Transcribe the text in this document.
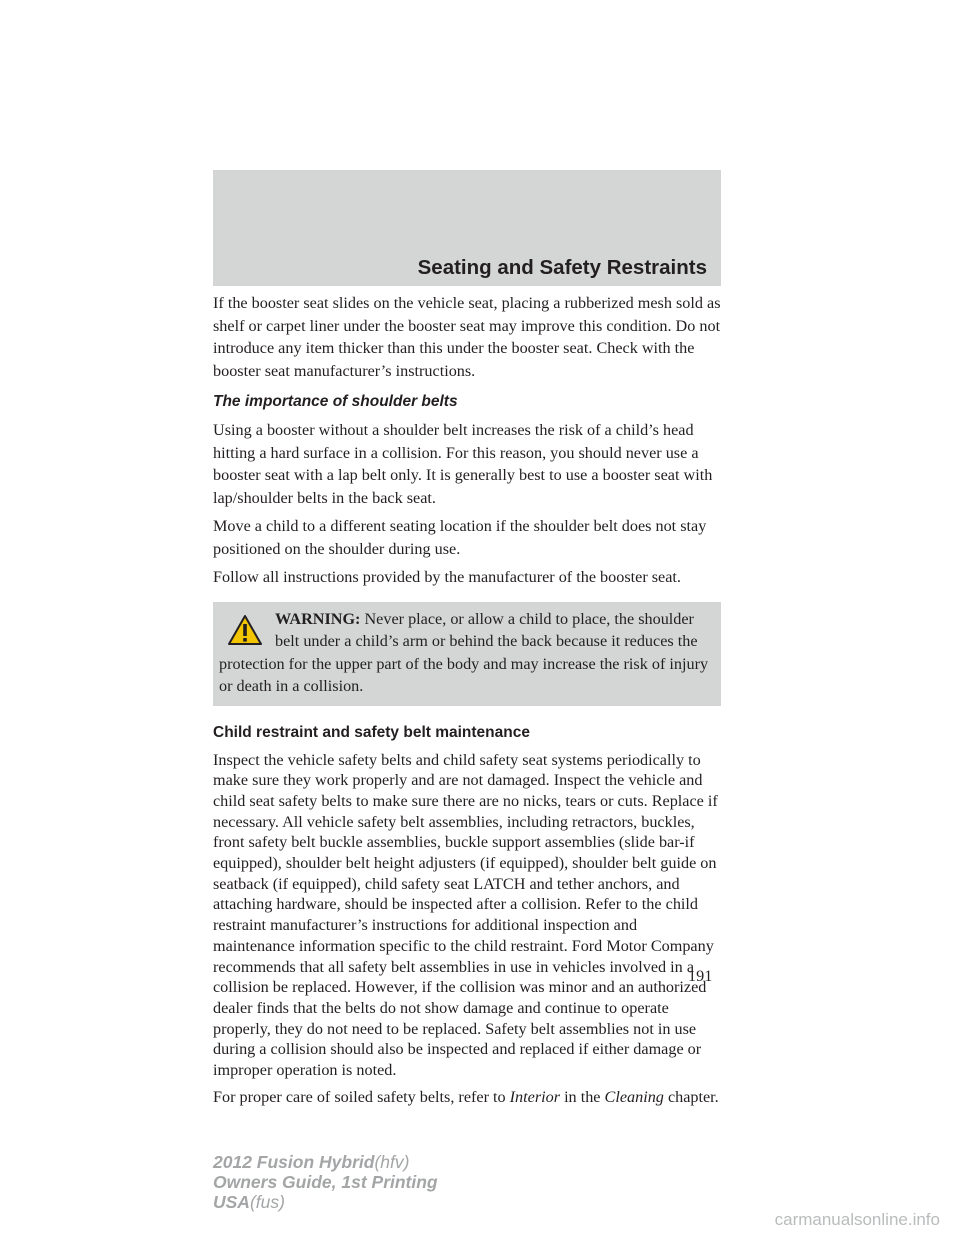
Seating and Safety Restraints

If the booster seat slides on the vehicle seat, placing a rubberized mesh sold as shelf or carpet liner under the booster seat may improve this condition. Do not introduce any item thicker than this under the booster seat. Check with the booster seat manufacturer’s instructions.

The importance of shoulder belts

Using a booster without a shoulder belt increases the risk of a child’s head hitting a hard surface in a collision. For this reason, you should never use a booster seat with a lap belt only. It is generally best to use a booster seat with lap/shoulder belts in the back seat.

Move a child to a different seating location if the shoulder belt does not stay positioned on the shoulder during use.

Follow all instructions provided by the manufacturer of the booster seat.

WARNING: Never place, or allow a child to place, the shoulder belt under a child’s arm or behind the back because it reduces the protection for the upper part of the body and may increase the risk of injury or death in a collision.
Child restraint and safety belt maintenance

Inspect the vehicle safety belts and child safety seat systems periodically to make sure they work properly and are not damaged. Inspect the vehicle and child seat safety belts to make sure there are no nicks, tears or cuts. Replace if necessary. All vehicle safety belt assemblies, including retractors, buckles, front safety belt buckle assemblies, buckle support assemblies (slide bar-if equipped), shoulder belt height adjusters (if equipped), shoulder belt guide on seatback (if equipped), child safety seat LATCH and tether anchors, and attaching hardware, should be inspected after a collision. Refer to the child restraint manufacturer’s instructions for additional inspection and maintenance information specific to the child restraint. Ford Motor Company recommends that all safety belt assemblies in use in vehicles involved in a collision be replaced. However, if the collision was minor and an authorized dealer finds that the belts do not show damage and continue to operate properly, they do not need to be replaced. Safety belt assemblies not in use during a collision should also be inspected and replaced if either damage or improper operation is noted.

For proper care of soiled safety belts, refer to Interior in the Cleaning chapter.

191
2012 Fusion Hybrid(hfv)
Owners Guide, 1st Printing
USA(fus)
carmanualsonline.info
